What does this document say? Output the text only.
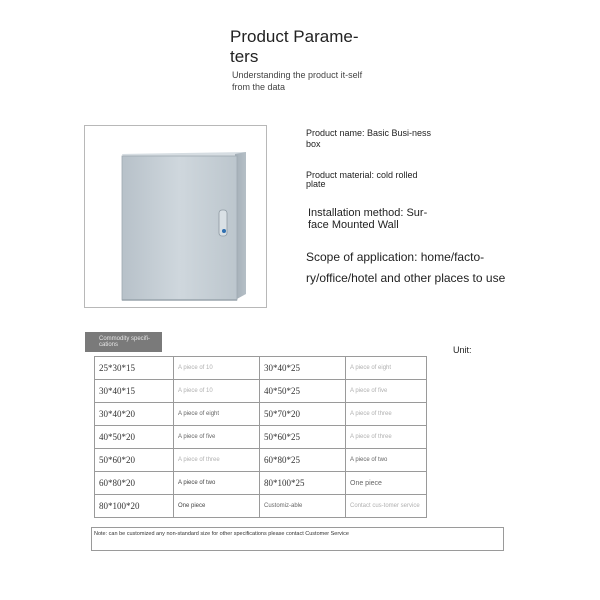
Product Parame-ters
Understanding the product it-self from the data
Product name: Basic Busi-ness box
Product material: cold rolled plate
Installation method: Sur-face Mounted Wall
Scope of application: home/facto-ry/office/hotel and other places to use
Commodity specifi-cations	Unit:
25*30*15	A piece of 10	30*40*25	A piece of eight
30*40*15	A piece of 10	40*50*25	A piece of five
30*40*20	A piece of eight	50*70*20	A piece of three
40*50*20	A piece of five	50*60*25	A piece of three
50*60*20	A piece of three	60*80*25	A piece of two
60*80*20	A piece of two	80*100*25	One piece
80*100*20	One piece	Customiz-able	Contact cus-tomer service
Note: can be customized any non-standard size for other specifications please contact Customer Service
